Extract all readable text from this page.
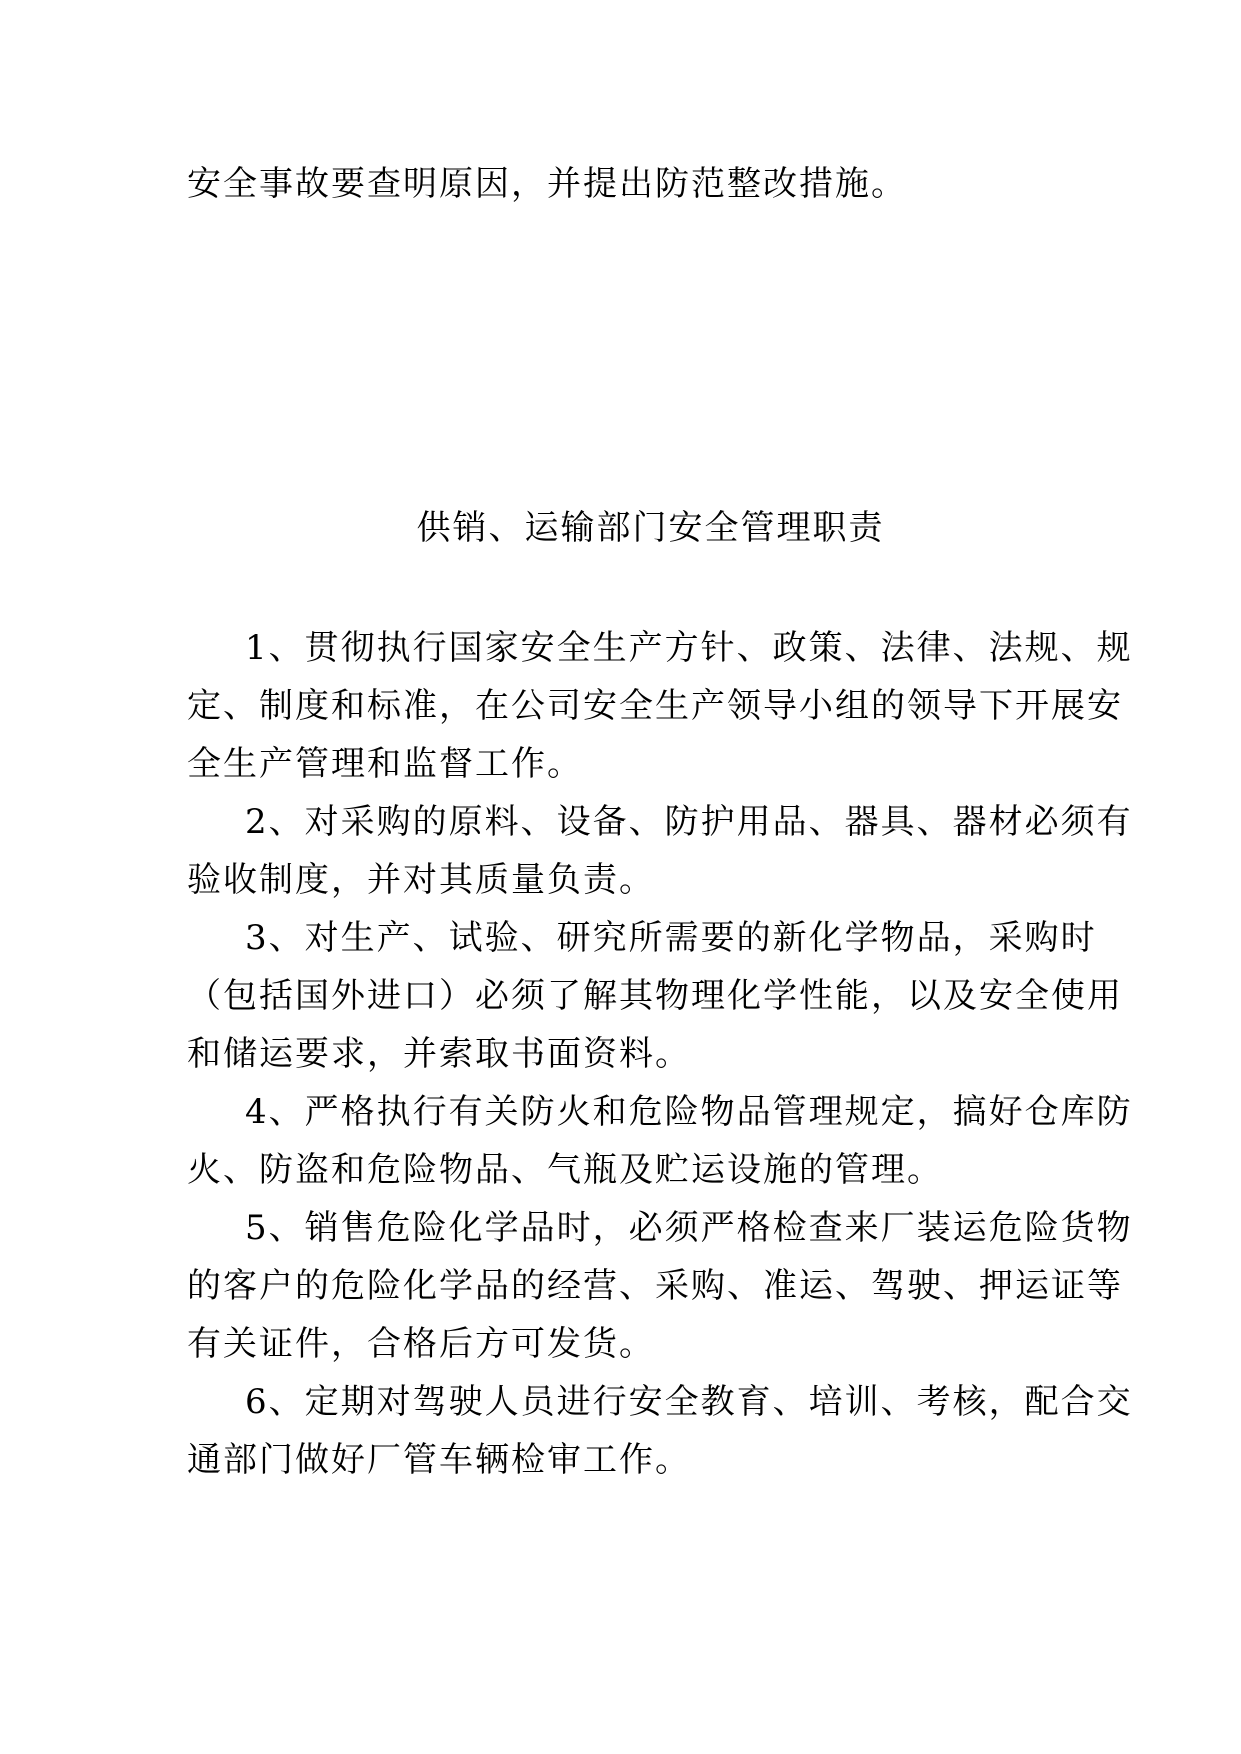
安全事故要查明原因，并提出防范整改措施。
供销、运输部门安全管理职责
1、贯彻执行国家安全生产方针、政策、法律、法规、规
定、制度和标准，在公司安全生产领导小组的领导下开展安
全生产管理和监督工作。
2、对采购的原料、设备、防护用品、器具、器材必须有
验收制度，并对其质量负责。
3、对生产、试验、研究所需要的新化学物品，采购时
（包括国外进口）必须了解其物理化学性能，以及安全使用
和储运要求，并索取书面资料。
4、严格执行有关防火和危险物品管理规定，搞好仓库防
火、防盗和危险物品、气瓶及贮运设施的管理。
5、销售危险化学品时，必须严格检查来厂装运危险货物
的客户的危险化学品的经营、采购、准运、驾驶、押运证等
有关证件，合格后方可发货。
6、定期对驾驶人员进行安全教育、培训、考核，配合交
通部门做好厂管车辆检审工作。
